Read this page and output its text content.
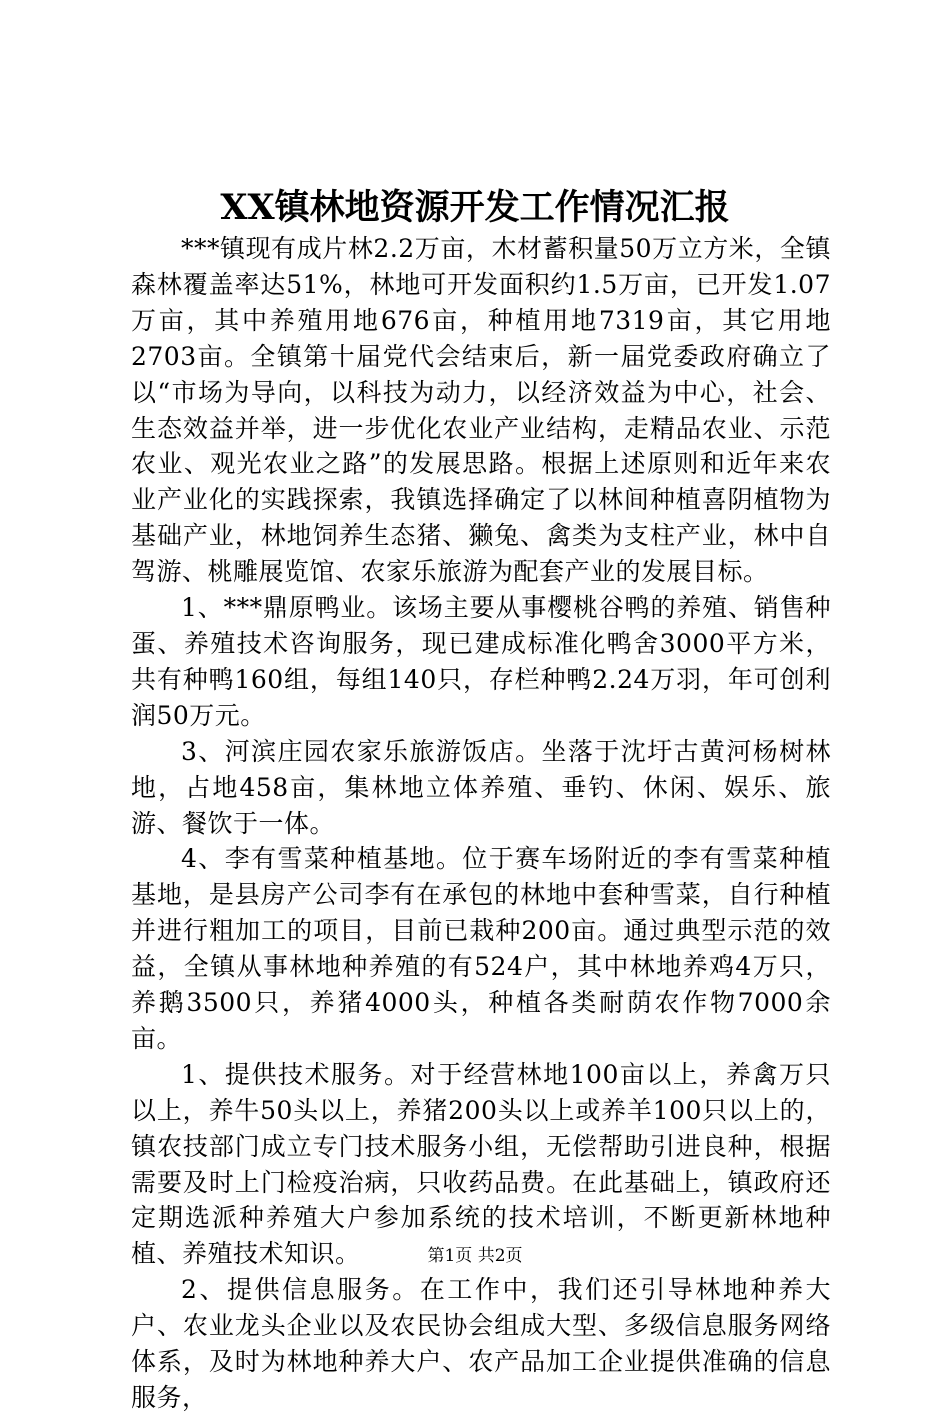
XX镇林地资源开发工作情况汇报

***镇现有成片林2.2万亩，木材蓄积量50万立方米，全镇森林覆盖率达51%，林地可开发面积约1.5万亩，已开发1.07万亩，其中养殖用地676亩，种植用地7319亩，其它用地2703亩。全镇第十届党代会结束后，新一届党委政府确立了以“市场为导向，以科技为动力，以经济效益为中心，社会、生态效益并举，进一步优化农业产业结构，走精品农业、示范农业、观光农业之路”的发展思路。根据上述原则和近年来农业产业化的实践探索，我镇选择确定了以林间种植喜阴植物为基础产业，林地饲养生态猪、獭兔、禽类为支柱产业，林中自驾游、桃雕展览馆、农家乐旅游为配套产业的发展目标。

1、***鼎原鸭业。该场主要从事樱桃谷鸭的养殖、销售种蛋、养殖技术咨询服务，现已建成标准化鸭舍3000平方米，共有种鸭160组，每组140只，存栏种鸭2.24万羽，年可创利润50万元。

3、河滨庄园农家乐旅游饭店。坐落于沈圩古黄河杨树林地，占地458亩，集林地立体养殖、垂钓、休闲、娱乐、旅游、餐饮于一体。

4、李有雪菜种植基地。位于赛车场附近的李有雪菜种植基地，是县房产公司李有在承包的林地中套种雪菜，自行种植并进行粗加工的项目，目前已栽种200亩。通过典型示范的效益，全镇从事林地种养殖的有524户，其中林地养鸡4万只，养鹅3500只，养猪4000头，种植各类耐荫农作物7000余亩。

1、提供技术服务。对于经营林地100亩以上，养禽万只以上，养牛50头以上，养猪200头以上或养羊100只以上的，镇农技部门成立专门技术服务小组，无偿帮助引进良种，根据需要及时上门检疫治病，只收药品费。在此基础上，镇政府还定期选派种养殖大户参加系统的技术培训，不断更新林地种植、养殖技术知识。

2、提供信息服务。在工作中，我们还引导林地种养大户、农业龙头企业以及农民协会组成大型、多级信息服务网络体系，及时为林地种养大户、农产品加工企业提供准确的信息服务，

第1页 共2页
